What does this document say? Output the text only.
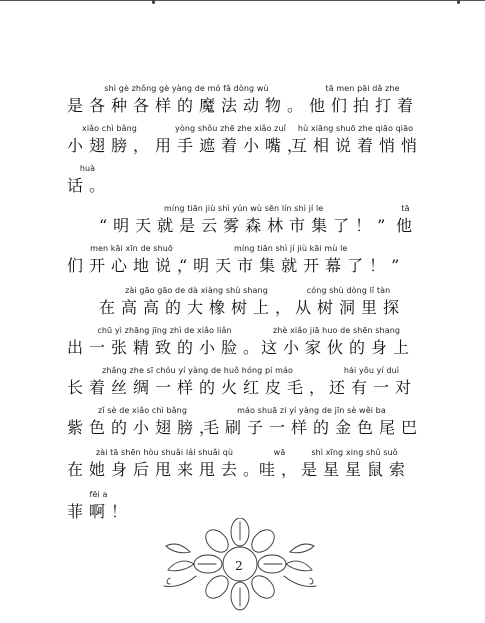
shì gè zhǒng gè yàng de mó fǎ dòng wù
是各种各样的魔法动物。
tā men pāi dǎ zhe
他们拍打着
xiǎo chì bǎng
小翅膀，
yòng shǒu zhē zhe xiǎo zuǐ
用手遮着小嘴，
hù xiāng shuō zhe qiāo qiāo
互相说着悄悄
huà
话。
míng tiān jiù shì yún wù sēn lín shì jí le
“明天就是云雾森林市集了！”
tā
他
men kāi xīn de shuō
们开心地说，
míng tiān shì jí jiù kāi mù le
“明天市集就开幕了！”
zài gāo gāo de dà xiàng shù shang
在高高的大橡树上，
cóng shù dòng lǐ tàn
从树洞里探
chū yì zhāng jīng zhì de xiǎo liǎn
出一张精致的小脸。
zhè xiǎo jiā huo de shēn shang
这小家伙的身上
zhǎng zhe sī chóu yí yàng de huǒ hóng pí máo
长着丝绸一样的火红皮毛，
hái yǒu yí duì
还有一对
zǐ sè de xiǎo chì bǎng
紫色的小翅膀，
máo shuā zi yí yàng de jīn sè wěi ba
毛刷子一样的金色尾巴
zài tā shēn hòu shuǎi lái shuǎi qù
在她身后甩来甩去。
wā
哇，
shì xīng xing shǔ suǒ
是星星鼠索
fēi a
菲啊！
2
